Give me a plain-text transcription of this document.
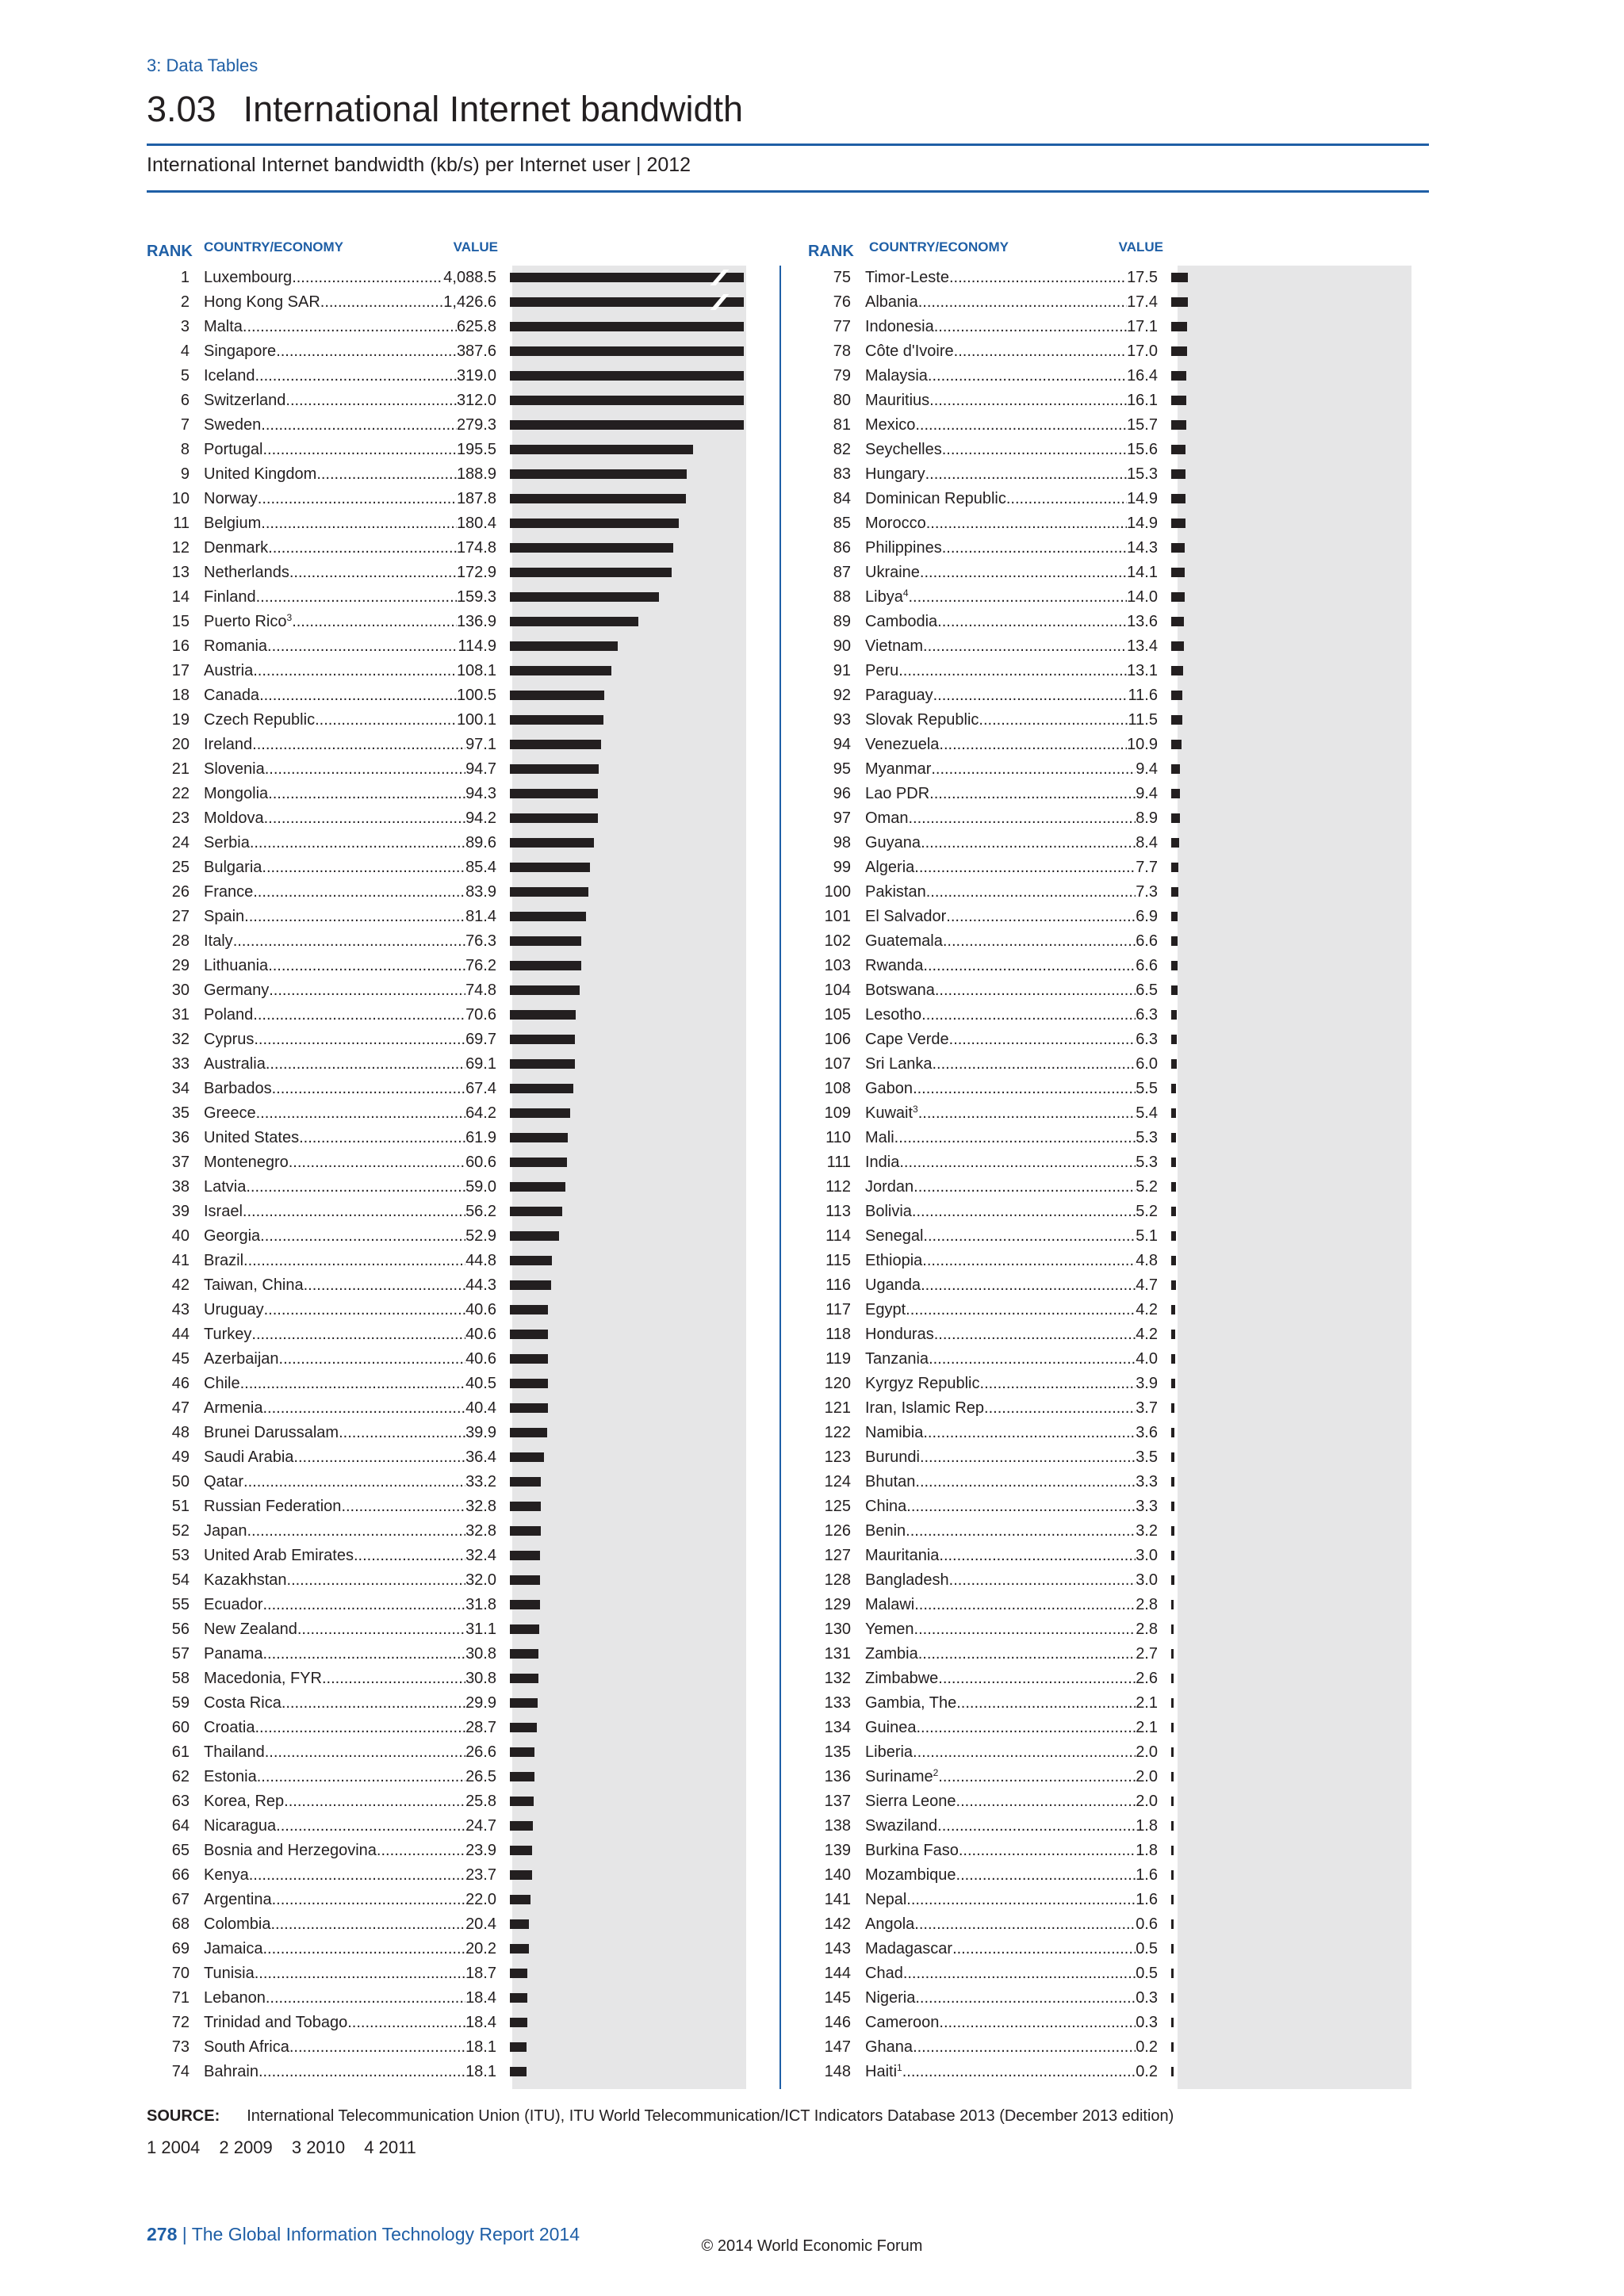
3: Data Tables
3.03 International Internet bandwidth
International Internet bandwidth (kb/s) per Internet user | 2012
RANK COUNTRY/ECONOMY	VALUE	RANK COUNTRY/ECONOMY	VALUE
1 Luxembourg .....	4,088.5
2 Hong Kong SAR .....	1,426.6
3 Malta .....	625.8
4 Singapore .....	387.6
5 Iceland .....	319.0
6 Switzerland .....	312.0
7 Sweden .....	279.3
8 Portugal .....	195.5
9 United Kingdom .....	188.9
10 Norway .....	187.8
11 Belgium .....	180.4
12 Denmark .....	174.8
13 Netherlands .....	172.9
14 Finland .....	159.3
15 Puerto Rico$^3$ .....	136.9
16 Romania .....	114.9
17 Austria .....	108.1
18 Canada .....	100.5
19 Czech Republic .....	100.1
20 Ireland .....	97.1
21 Slovenia .....	94.7
22 Mongolia .....	94.3
23 Moldova .....	94.2
24 Serbia .....	89.6
25 Bulgaria .....	85.4
26 France .....	83.9
27 Spain .....	81.4
28 Italy .....	76.3
29 Lithuania .....	76.2
30 Germany .....	74.8
31 Poland .....	70.6
32 Cyprus .....	69.7
33 Australia .....	69.1
34 Barbados .....	67.4
35 Greece .....	64.2
36 United States .....	61.9
37 Montenegro .....	60.6
38 Latvia .....	59.0
39 Israel .....	56.2
40 Georgia .....	52.9
41 Brazil .....	44.8
42 Taiwan, China .....	44.3
43 Uruguay .....	40.6
44 Turkey .....	40.6
45 Azerbaijan .....	40.6
46 Chile .....	40.5
47 Armenia .....	40.4
48 Brunei Darussalam .....	39.9
49 Saudi Arabia .....	36.4
50 Qatar .....	33.2
51 Russian Federation .....	32.8
52 Japan .....	32.8
53 United Arab Emirates .....	32.4
54 Kazakhstan .....	32.0
55 Ecuador .....	31.8
56 New Zealand .....	31.1
57 Panama .....	30.8
58 Macedonia, FYR .....	30.8
59 Costa Rica .....	29.9
60 Croatia .....	28.7
61 Thailand .....	26.6
62 Estonia .....	26.5
63 Korea, Rep. .....	25.8
64 Nicaragua .....	24.7
65 Bosnia and Herzegovina .....	23.9
66 Kenya .....	23.7
67 Argentina .....	22.0
68 Colombia .....	20.4
69 Jamaica .....	20.2
70 Tunisia .....	18.7
71 Lebanon .....	18.4
72 Trinidad and Tobago .....	18.4
73 South Africa .....	18.1
74 Bahrain .....	18.1
75 Timor-Leste .....	17.5
76 Albania .....	17.4
77 Indonesia .....	17.1
78 Côte d'Ivoire .....	17.0
79 Malaysia .....	16.4
80 Mauritius .....	16.1
81 Mexico .....	15.7
82 Seychelles .....	15.6
83 Hungary .....	15.3
84 Dominican Republic .....	14.9
85 Morocco .....	14.9
86 Philippines .....	14.3
87 Ukraine .....	14.1
88 Libya$^4$ .....	14.0
89 Cambodia .....	13.6
90 Vietnam .....	13.4
91 Peru .....	13.1
92 Paraguay .....	11.6
93 Slovak Republic .....	11.5
94 Venezuela .....	10.9
95 Myanmar .....	9.4
96 Lao PDR .....	9.4
97 Oman .....	8.9
98 Guyana .....	8.4
99 Algeria .....	7.7
100 Pakistan .....	7.3
101 El Salvador .....	6.9
102 Guatemala .....	6.6
103 Rwanda .....	6.6
104 Botswana .....	6.5
105 Lesotho .....	6.3
106 Cape Verde .....	6.3
107 Sri Lanka .....	6.0
108 Gabon .....	5.5
109 Kuwait$^3$ .....	5.4
110 Mali .....	5.3
111 India .....	5.3
112 Jordan .....	5.2
113 Bolivia .....	5.2
114 Senegal .....	5.1
115 Ethiopia .....	4.8
116 Uganda .....	4.7
117 Egypt .....	4.2
118 Honduras .....	4.2
119 Tanzania .....	4.0
120 Kyrgyz Republic .....	3.9
121 Iran, Islamic Rep. .....	3.7
122 Namibia .....	3.6
123 Burundi .....	3.5
124 Bhutan .....	3.3
125 China .....	3.3
126 Benin .....	3.2
127 Mauritania .....	3.0
128 Bangladesh .....	3.0
129 Malawi .....	2.8
130 Yemen .....	2.8
131 Zambia .....	2.7
132 Zimbabwe .....	2.6
133 Gambia, The .....	2.1
134 Guinea .....	2.1
135 Liberia .....	2.0
136 Suriname$^2$ .....	2.0
137 Sierra Leone .....	2.0
138 Swaziland .....	1.8
139 Burkina Faso .....	1.8
140 Mozambique .....	1.6
141 Nepal .....	1.6
142 Angola .....	0.6
143 Madagascar .....	0.5
144 Chad .....	0.5
145 Nigeria .....	0.3
146 Cameroon .....	0.3
147 Ghana .....	0.2
148 Haiti$^1$ .....	0.2
SOURCE: International Telecommunication Union (ITU), ITU World Telecommunication/ICT Indicators Database 2013 (December 2013 edition)
1 2004 2 2009 3 2010 4 2011
278 | The Global Information Technology Report 2014
© 2014 World Economic Forum
